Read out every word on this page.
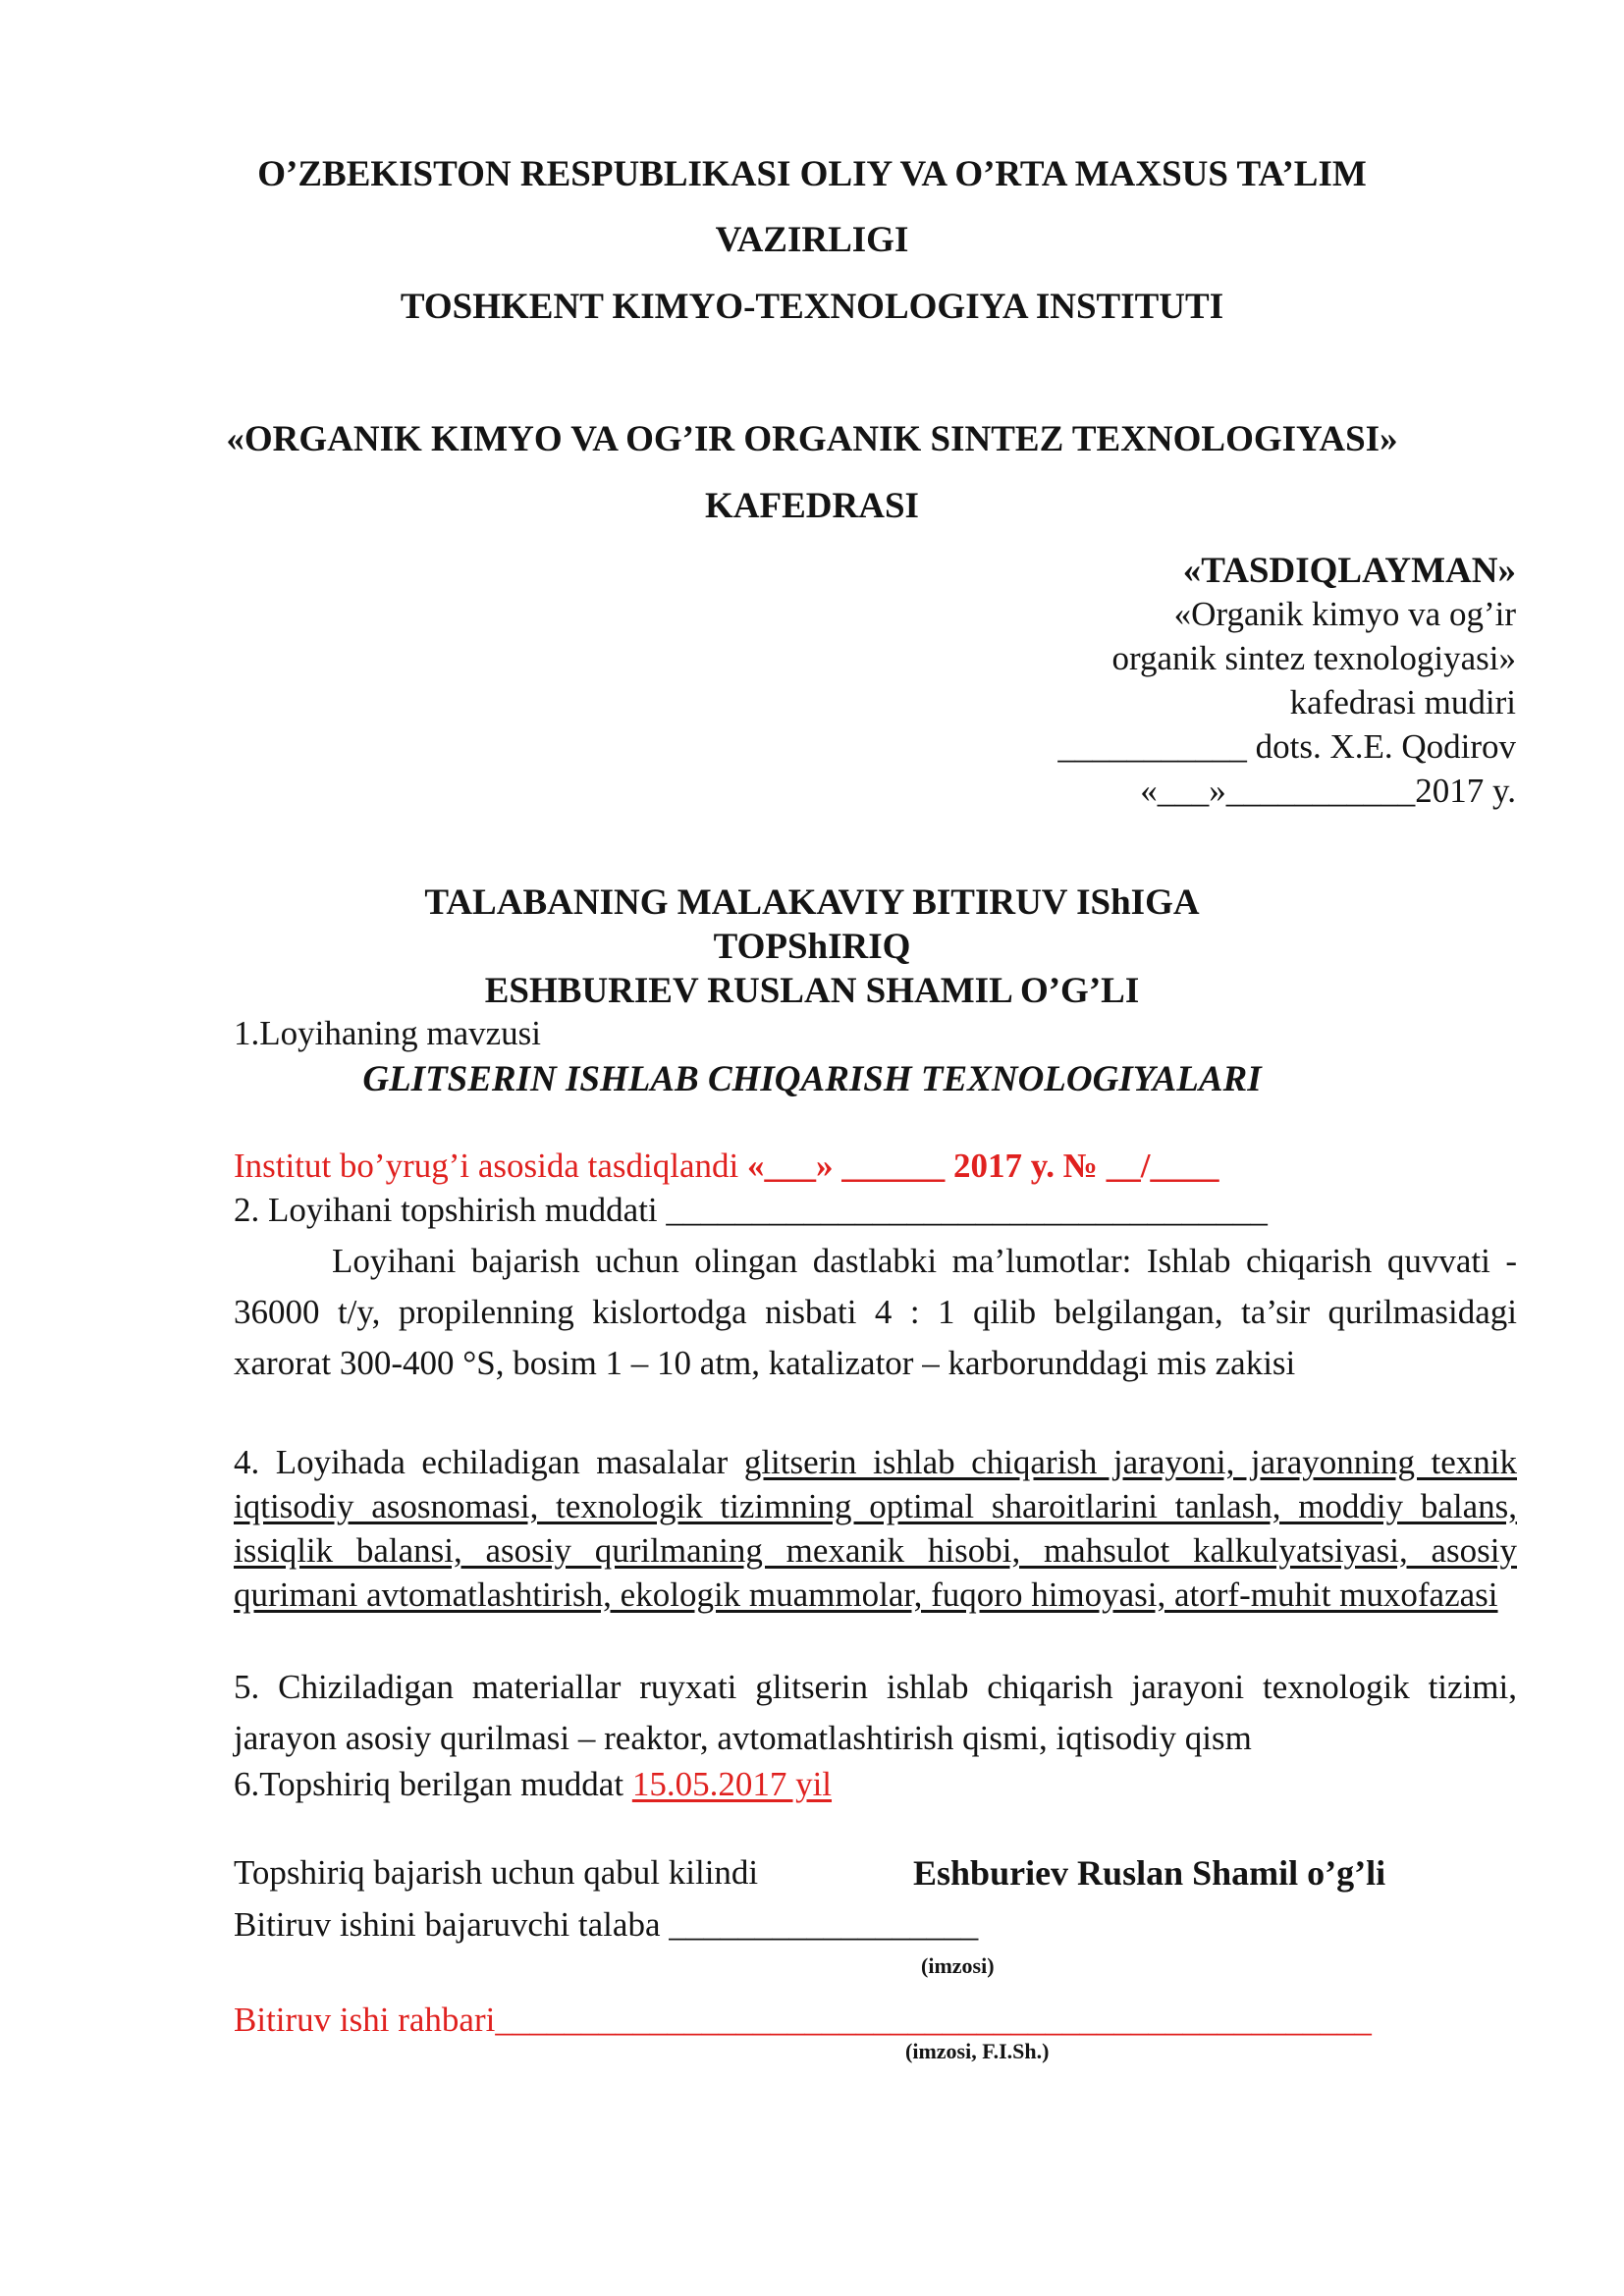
O’ZBEKISTON RESPUBLIKASI OLIY VA O’RTA MAXSUS TA’LIM
VAZIRLIGI
TOSHKENT KIMYO-TEXNOLOGIYA INSTITUTI
«ORGANIK KIMYO VA OG’IR ORGANIK SINTEZ TEXNOLOGIYASI»
KAFEDRASI
«TASDIQLAYMAN»
«Organik kimyo va og’ir
organik sintez texnologiyasi»
kafedrasi mudiri
___________ dots. X.E. Qodirov
«___»___________2017 y.
TALABANING MALAKAVIY BITIRUV IShIGA
TOPShIRIQ
ESHBURIEV RUSLAN SHAMIL O’G’LI
1.Loyihaning mavzusi
GLITSERIN ISHLAB CHIQARISH TEXNOLOGIYALARI
Institut bo’yrug’i asosida tasdiqlandi «___» ______ 2017 y. № __/____
2. Loyihani topshirish muddati ___________________________________
Loyihani bajarish uchun olingan dastlabki ma’lumotlar: Ishlab chiqarish quvvati - 36000 t/y, propilenning kislortodga nisbati 4 : 1 qilib belgilangan, ta’sir qurilmasidagi xarorat 300-400 °S, bosim 1 – 10 atm, katalizator – karborunddagi mis zakisi
4. Loyihada echiladigan masalalar glitserin ishlab chiqarish jarayoni, jarayonning texnik iqtisodiy asosnomasi, texnologik tizimning optimal sharoitlarini tanlash, moddiy balans, issiqlik balansi, asosiy qurilmaning mexanik hisobi, mahsulot kalkulyatsiyasi, asosiy qurimani avtomatlashtirish, ekologik muammolar, fuqoro himoyasi, atorf-muhit muxofazasi
5. Chiziladigan materiallar ruyxati glitserin ishlab chiqarish jarayoni texnologik tizimi, jarayon asosiy qurilmasi – reaktor, avtomatlashtirish qismi, iqtisodiy qism
6.Topshiriq berilgan muddat 15.05.2017 yil
Topshiriq bajarish uchun qabul kilindi	Eshburiev Ruslan Shamil o’g’li
Bitiruv ishini bajaruvchi talaba __________________
(imzosi)
Bitiruv ishi rahbari___________________________________________________
(imzosi, F.I.Sh.)
